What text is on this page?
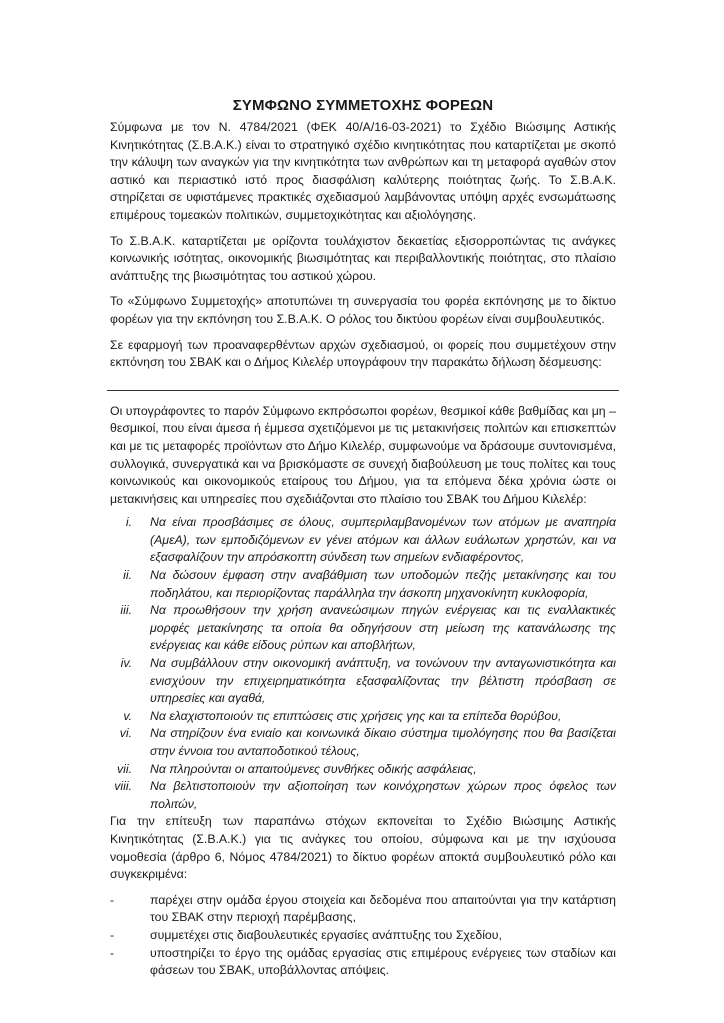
ΣΥΜΦΩΝΟ ΣΥΜΜΕΤΟΧΗΣ ΦΟΡΕΩΝ

Σύμφωνα με τον Ν. 4784/2021 (ΦΕΚ 40/Α/16-03-2021) το Σχέδιο Βιώσιμης Αστικής Κινητικότητας (Σ.Β.Α.Κ.) είναι το στρατηγικό σχέδιο κινητικότητας που καταρτίζεται με σκοπό την κάλυψη των αναγκών για την κινητικότητα των ανθρώπων και τη μεταφορά αγαθών στον αστικό και περιαστικό ιστό προς διασφάλιση καλύτερης ποιότητας ζωής. Το Σ.Β.Α.Κ. στηρίζεται σε υφιστάμενες πρακτικές σχεδιασμού λαμβάνοντας υπόψη αρχές ενσωμάτωσης επιμέρους τομεακών πολιτικών, συμμετοχικότητας και αξιολόγησης.

Το Σ.Β.Α.Κ. καταρτίζεται με ορίζοντα τουλάχιστον δεκαετίας εξισορροπώντας τις ανάγκες κοινωνικής ισότητας, οικονομικής βιωσιμότητας και περιβαλλοντικής ποιότητας, στο πλαίσιο ανάπτυξης της βιωσιμότητας του αστικού χώρου.

Το «Σύμφωνο Συμμετοχής» αποτυπώνει τη συνεργασία του φορέα εκπόνησης με το δίκτυο φορέων για την εκπόνηση του Σ.Β.Α.Κ. Ο ρόλος του δικτύου φορέων είναι συμβουλευτικός.

Σε εφαρμογή των προαναφερθέντων αρχών σχεδιασμού, οι φορείς που συμμετέχουν στην εκπόνηση του ΣΒΑΚ και ο Δήμος Κιλελέρ υπογράφουν την παρακάτω δήλωση δέσμευσης:

Οι υπογράφοντες το παρόν Σύμφωνο εκπρόσωποι φορέων, θεσμικοί κάθε βαθμίδας και μη – θεσμικοί, που είναι άμεσα ή έμμεσα σχετιζόμενοι με τις μετακινήσεις πολιτών και επισκεπτών και με τις μεταφορές προϊόντων στο Δήμο Κιλελέρ, συμφωνούμε να δράσουμε συντονισμένα, συλλογικά, συνεργατικά και να βρισκόμαστε σε συνεχή διαβούλευση με τους πολίτες και τους κοινωνικούς και οικονομικούς εταίρους του Δήμου, για τα επόμενα δέκα χρόνια ώστε οι μετακινήσεις και υπηρεσίες που σχεδιάζονται στο πλαίσιο του ΣΒΑΚ του Δήμου Κιλελέρ:

i. Να είναι προσβάσιμες σε όλους, συμπεριλαμβανομένων των ατόμων με αναπηρία (ΑμεΑ), των εμποδιζόμενων εν γένει ατόμων και άλλων ευάλωτων χρηστών, και να εξασφαλίζουν την απρόσκοπτη σύνδεση των σημείων ενδιαφέροντος,
ii. Να δώσουν έμφαση στην αναβάθμιση των υποδομών πεζής μετακίνησης και του ποδηλάτου, και περιορίζοντας παράλληλα την άσκοπη μηχανοκίνητη κυκλοφορία,
iii. Να προωθήσουν την χρήση ανανεώσιμων πηγών ενέργειας και τις εναλλακτικές μορφές μετακίνησης τα οποία θα οδηγήσουν στη μείωση της κατανάλωσης της ενέργειας και κάθε είδους ρύπων και αποβλήτων,
iv. Να συμβάλλουν στην οικονομική ανάπτυξη, να τονώνουν την ανταγωνιστικότητα και ενισχύουν την επιχειρηματικότητα εξασφαλίζοντας την βέλτιστη πρόσβαση σε υπηρεσίες και αγαθά,
v. Να ελαχιστοποιούν τις επιπτώσεις στις χρήσεις γης και τα επίπεδα θορύβου,
vi. Να στηρίζουν ένα ενιαίο και κοινωνικά δίκαιο σύστημα τιμολόγησης που θα βασίζεται στην έννοια του ανταποδοτικού τέλους,
vii. Να πληρούνται οι απαιτούμενες συνθήκες οδικής ασφάλειας,
viii. Να βελτιστοποιούν την αξιοποίηση των κοινόχρηστων χώρων προς όφελος των πολιτών,

Για την επίτευξη των παραπάνω στόχων εκπονείται το Σχέδιο Βιώσιμης Αστικής Κινητικότητας (Σ.Β.Α.Κ.) για τις ανάγκες του οποίου, σύμφωνα και με την ισχύουσα νομοθεσία (άρθρο 6, Νόμος 4784/2021) το δίκτυο φορέων αποκτά συμβουλευτικό ρόλο και συγκεκριμένα:

-	παρέχει στην ομάδα έργου στοιχεία και δεδομένα που απαιτούνται για την κατάρτιση του ΣΒΑΚ στην περιοχή παρέμβασης,
-	συμμετέχει στις διαβουλευτικές εργασίες ανάπτυξης του Σχεδίου,
-	υποστηρίζει το έργο της ομάδας εργασίας στις επιμέρους ενέργειες των σταδίων και φάσεων του ΣΒΑΚ, υποβάλλοντας απόψεις.
